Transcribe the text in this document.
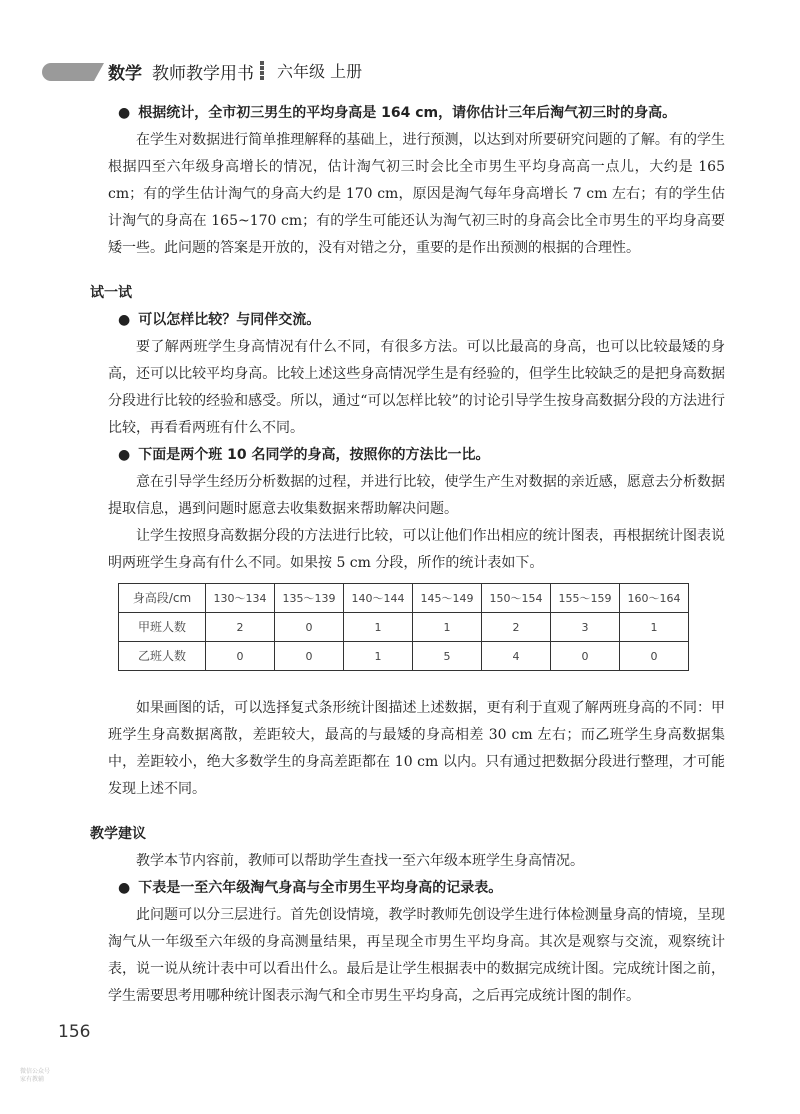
数学 教师教学用书 六年级 上册

● 根据统计，全市初三男生的平均身高是 164 cm，请你估计三年后淘气初三时的身高。

在学生对数据进行简单推理解释的基础上，进行预测，以达到对所要研究问题的了解。有的学生根据四至六年级身高增长的情况，估计淘气初三时会比全市男生平均身高高一点儿，大约是 165 cm；有的学生估计淘气的身高大约是 170 cm，原因是淘气每年身高增长 7 cm 左右；有的学生估计淘气的身高在 165~170 cm；有的学生可能还认为淘气初三时的身高会比全市男生的平均身高要矮一些。此问题的答案是开放的，没有对错之分，重要的是作出预测的根据的合理性。

试一试

● 可以怎样比较？与同伴交流。

要了解两班学生身高情况有什么不同，有很多方法。可以比最高的身高，也可以比较最矮的身高，还可以比较平均身高。比较上述这些身高情况学生是有经验的，但学生比较缺乏的是把身高数据分段进行比较的经验和感受。所以，通过“可以怎样比较”的讨论引导学生按身高数据分段的方法进行比较，再看看两班有什么不同。

● 下面是两个班 10 名同学的身高，按照你的方法比一比。

意在引导学生经历分析数据的过程，并进行比较，使学生产生对数据的亲近感，愿意去分析数据提取信息，遇到问题时愿意去收集数据来帮助解决问题。

让学生按照身高数据分段的方法进行比较，可以让他们作出相应的统计图表，再根据统计图表说明两班学生身高有什么不同。如果按 5 cm 分段，所作的统计表如下。

身高段/cm	130～134	135～139	140～144	145～149	150～154	155～159	160～164
甲班人数	2	0	1	1	2	3	1
乙班人数	0	0	1	5	4	0	0

如果画图的话，可以选择复式条形统计图描述上述数据，更有利于直观了解两班身高的不同：甲班学生身高数据离散，差距较大，最高的与最矮的身高相差 30 cm 左右；而乙班学生身高数据集中，差距较小，绝大多数学生的身高差距都在 10 cm 以内。只有通过把数据分段进行整理，才可能发现上述不同。

教学建议

教学本节内容前，教师可以帮助学生查找一至六年级本班学生身高情况。

● 下表是一至六年级淘气身高与全市男生平均身高的记录表。

此问题可以分三层进行。首先创设情境，教学时教师先创设学生进行体检测量身高的情境，呈现淘气从一年级至六年级的身高测量结果，再呈现全市男生平均身高。其次是观察与交流，观察统计表，说一说从统计表中可以看出什么。最后是让学生根据表中的数据完成统计图。完成统计图之前，学生需要思考用哪种统计图表示淘气和全市男生平均身高，之后再完成统计图的制作。

156
微信公众号
家有教辅
